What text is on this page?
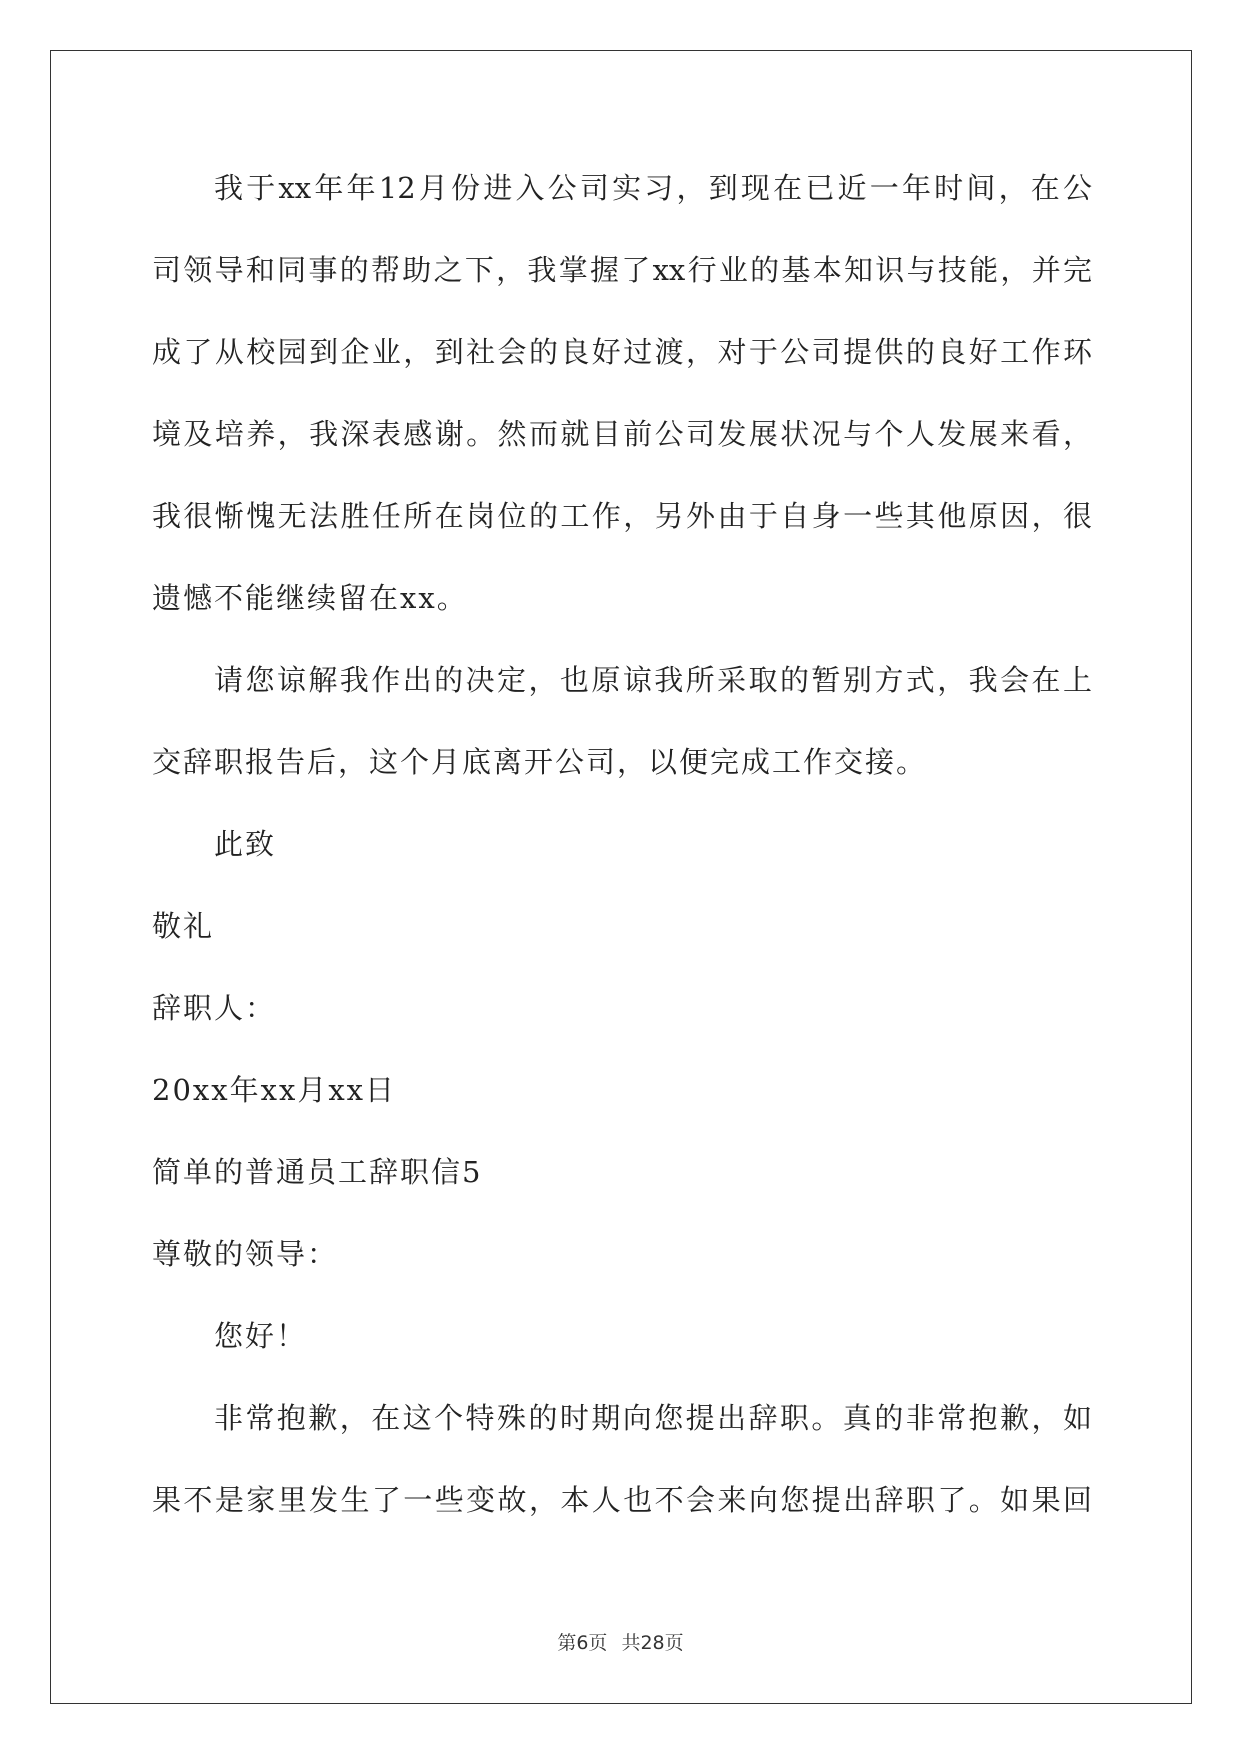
我于xx年年12月份进入公司实习，到现在已近一年时间，在公
司领导和同事的帮助之下，我掌握了xx行业的基本知识与技能，并完
成了从校园到企业，到社会的良好过渡，对于公司提供的良好工作环
境及培养，我深表感谢。然而就目前公司发展状况与个人发展来看，
我很惭愧无法胜任所在岗位的工作，另外由于自身一些其他原因，很
遗憾不能继续留在xx。
请您谅解我作出的决定，也原谅我所采取的暂别方式，我会在上
交辞职报告后，这个月底离开公司，以便完成工作交接。
此致
敬礼
辞职人：
20xx年xx月xx日
简单的普通员工辞职信5
尊敬的领导：
您好！
非常抱歉，在这个特殊的时期向您提出辞职。真的非常抱歉，如
果不是家里发生了一些变故，本人也不会来向您提出辞职了。如果回
第6页 共28页
